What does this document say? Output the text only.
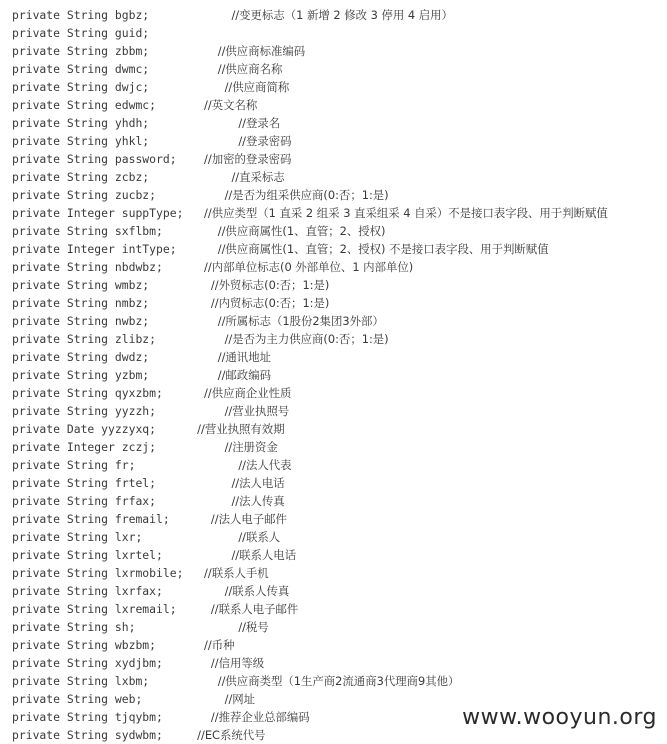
private String bgbz;	//变更标志（1 新增 2 修改 3 停用 4 启用）
private String guid;
private String zbbm;	//供应商标准编码
private String dwmc;	//供应商名称
private String dwjc;	//供应商简称
private String edwmc;	//英文名称
private String yhdh;	//登录名
private String yhkl;	//登录密码
private String password; //加密的登录密码
private String zcbz;	//直采标志
private String zucbz;	//是否为组采供应商(0:否；1:是)
private Integer suppType; //供应类型（1 直采 2 组采 3 直采组采 4 自采）不是接口表字段、用于判断赋值
private String sxflbm;	//供应商属性(1、直管；2、授权)
private Integer intType;	//供应商属性(1、直管；2、授权) 不是接口表字段、用于判断赋值
private String nbdwbz;	//内部单位标志(0 外部单位、1 内部单位)
private String wmbz;	//外贸标志(0:否；1:是)
private String nmbz;	//内贸标志(0:否；1:是)
private String nwbz;	//所属标志（1股份2集团3外部）
private String zlibz;	//是否为主力供应商(0:否；1:是)
private String dwdz;	//通讯地址
private String yzbm;	//邮政编码
private String qyxzbm;	//供应商企业性质
private String yyzzh;	//营业执照号
private Date yyzzyxq;	//营业执照有效期
private Integer zczj;	//注册资金
private String fr;	//法人代表
private String frtel;	//法人电话
private String frfax;	//法人传真
private String fremail;	//法人电子邮件
private String lxr;	//联系人
private String lxrtel;	//联系人电话
private String lxrmobile; //联系人手机
private String lxrfax;	//联系人传真
private String lxremail;	//联系人电子邮件
private String sh;	//税号
private String wbzbm;	//币种
private String xydjbm;	//信用等级
private String lxbm;	//供应商类型（1生产商2流通商3代理商9其他）
private String web;	//网址
private String tjqybm;	//推荐企业总部编码
private String sydwbm;	//EC系统代号
www.wooyun.org
